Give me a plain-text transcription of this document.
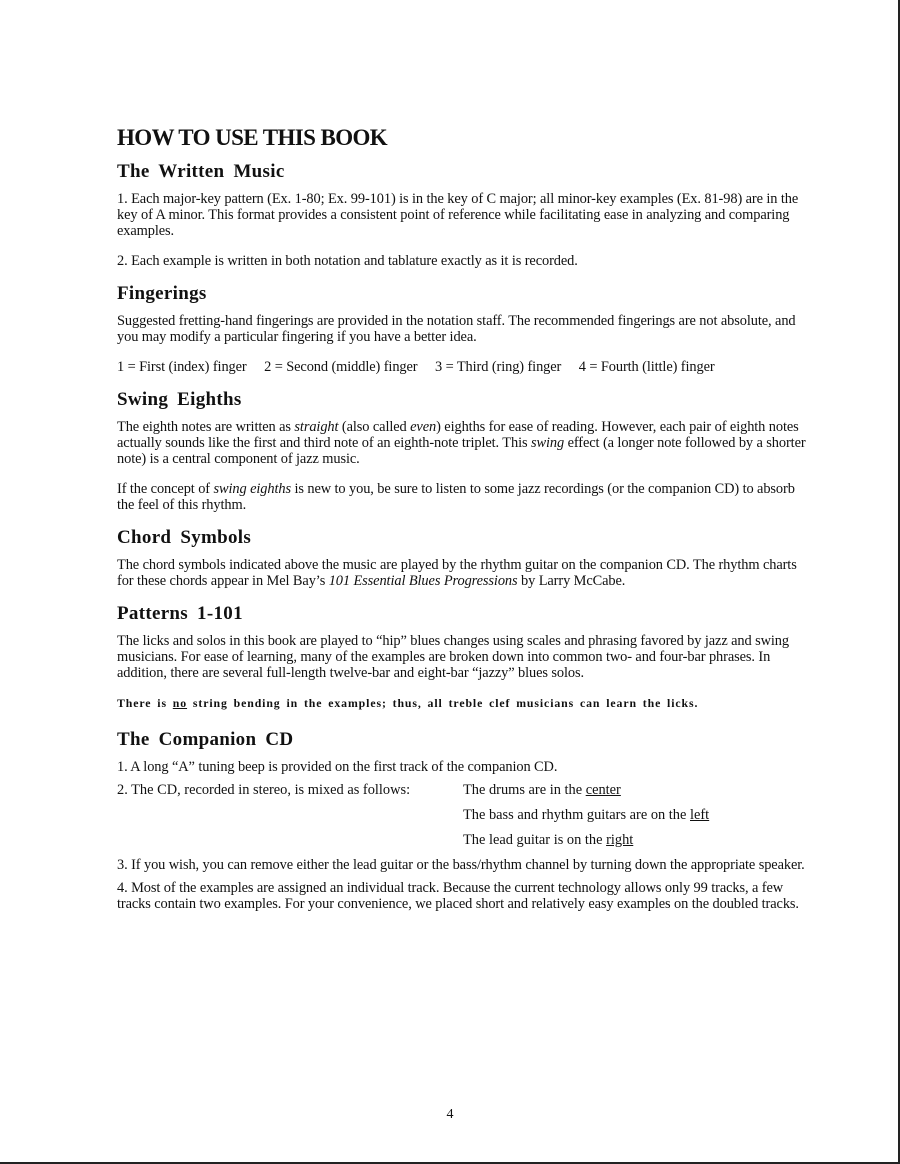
HOW TO USE THIS BOOK
The Written Music

1. Each major-key pattern (Ex. 1-80; Ex. 99-101) is in the key of C major; all minor-key examples (Ex. 81-98) are in the key of A minor. This format provides a consistent point of reference while facilitating ease in analyzing and comparing examples.

2. Each example is written in both notation and tablature exactly as it is recorded.

Fingerings

Suggested fretting-hand fingerings are provided in the notation staff. The recommended fingerings are not absolute, and you may modify a particular fingering if you have a better idea.

1 = First (index) finger 2 = Second (middle) finger 3 = Third (ring) finger 4 = Fourth (little) finger

Swing Eighths

The eighth notes are written as straight (also called even) eighths for ease of reading. However, each pair of eighth notes actually sounds like the first and third note of an eighth-note triplet. This swing effect (a longer note followed by a shorter note) is a central component of jazz music.

If the concept of swing eighths is new to you, be sure to listen to some jazz recordings (or the companion CD) to absorb the feel of this rhythm.

Chord Symbols

The chord symbols indicated above the music are played by the rhythm guitar on the companion CD. The rhythm charts for these chords appear in Mel Bay’s 101 Essential Blues Progressions by Larry McCabe.

Patterns 1-101

The licks and solos in this book are played to “hip” blues changes using scales and phrasing favored by jazz and swing musicians. For ease of learning, many of the examples are broken down into common two- and four-bar phrases. In addition, there are several full-length twelve-bar and eight-bar “jazzy” blues solos.

There is no string bending in the examples; thus, all treble clef musicians can learn the licks.

The Companion CD

1. A long “A” tuning beep is provided on the first track of the companion CD.

2. The CD, recorded in stereo, is mixed as follows:	The drums are in the center
The bass and rhythm guitars are on the left
The lead guitar is on the right

3. If you wish, you can remove either the lead guitar or the bass/rhythm channel by turning down the appropriate speaker.

4. Most of the examples are assigned an individual track. Because the current technology allows only 99 tracks, a few tracks contain two examples. For your convenience, we placed short and relatively easy examples on the doubled tracks.

4
